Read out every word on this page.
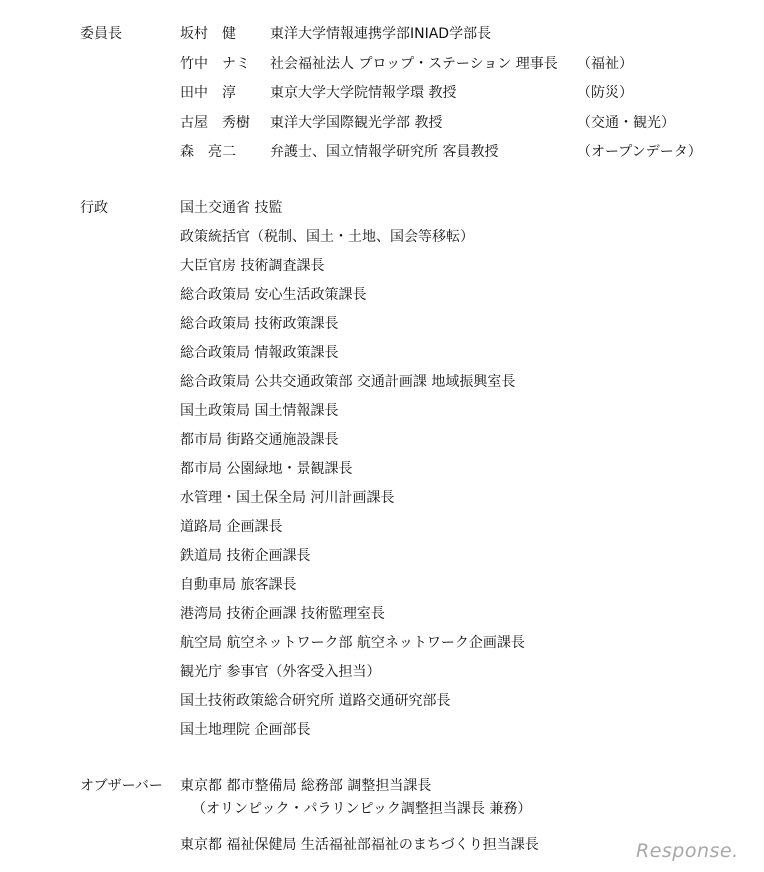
委員長	坂村　健 東洋大学情報連携学部INIAD学部長
竹中　ナミ 社会福祉法人 プロップ・ステーション 理事長 （福祉）
田中　淳 東京大学大学院情報学環 教授	（防災）
古屋　秀樹 東洋大学国際観光学部 教授	（交通・観光）
森　亮二 弁護士、国立情報学研究所 客員教授	（オープンデータ）
行政	国土交通省 技監
政策統括官（税制、国土・土地、国会等移転）
大臣官房 技術調査課長
総合政策局 安心生活政策課長
総合政策局 技術政策課長
総合政策局 情報政策課長
総合政策局 公共交通政策部 交通計画課 地域振興室長
国土政策局 国土情報課長
都市局 街路交通施設課長
都市局 公園緑地・景観課長
水管理・国土保全局 河川計画課長
道路局 企画課長
鉄道局 技術企画課長
自動車局 旅客課長
港湾局 技術企画課 技術監理室長
航空局 航空ネットワーク部 航空ネットワーク企画課長
観光庁 参事官（外客受入担当）
国土技術政策総合研究所 道路交通研究部長
国土地理院 企画部長
オブザーバー 東京都 都市整備局 総務部 調整担当課長
（オリンピック・パラリンピック調整担当課長 兼務）
東京都 福祉保健局 生活福祉部福祉のまちづくり担当課長	Response.
